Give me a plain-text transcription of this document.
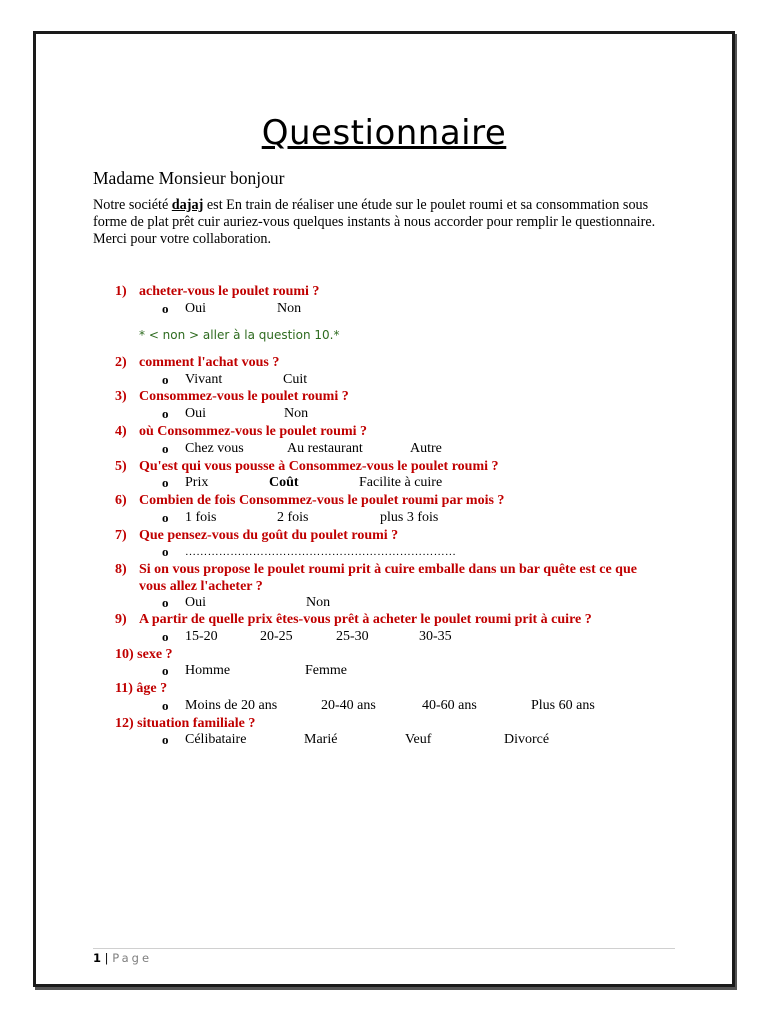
Questionnaire
Madame Monsieur bonjour
Notre société dajaj est En train de réaliser une étude sur le poulet roumi et sa consommation sous forme de plat prêt cuir auriez-vous quelques instants à nous accorder pour remplir le questionnaire. Merci pour votre collaboration.
1) acheter-vous le poulet roumi ?
o Oui	Non
* < non > aller à la question 10.*
2) comment l'achat vous ?
o Vivant	Cuit
3) Consommez-vous le poulet roumi ?
o Oui	Non
4) où Consommez-vous le poulet roumi ?
o Chez vous	Au restaurant	Autre
5) Qu'est qui vous pousse à Consommez-vous le poulet roumi ?
o Prix	Coût	Facilite à cuire
6) Combien de fois Consommez-vous le poulet roumi par mois ?
o 1 fois	2 fois	plus 3 fois
7) Que pensez-vous du goût du poulet roumi ?
o ………………………………………………………………
8) Si on vous propose le poulet roumi prit à cuire emballe dans un bar quête est ce que vous allez l'acheter ?
o Oui	Non
9) A partir de quelle prix êtes-vous prêt à acheter le poulet roumi prit à cuire ?
o 15-20	20-25	25-30	30-35
10) sexe ?
o Homme	Femme
11) âge ?
o Moins de 20 ans	20-40 ans	40-60 ans	Plus 60 ans
12) situation familiale ?
o Célibataire	Marié	Veuf	Divorcé
1 | Page
